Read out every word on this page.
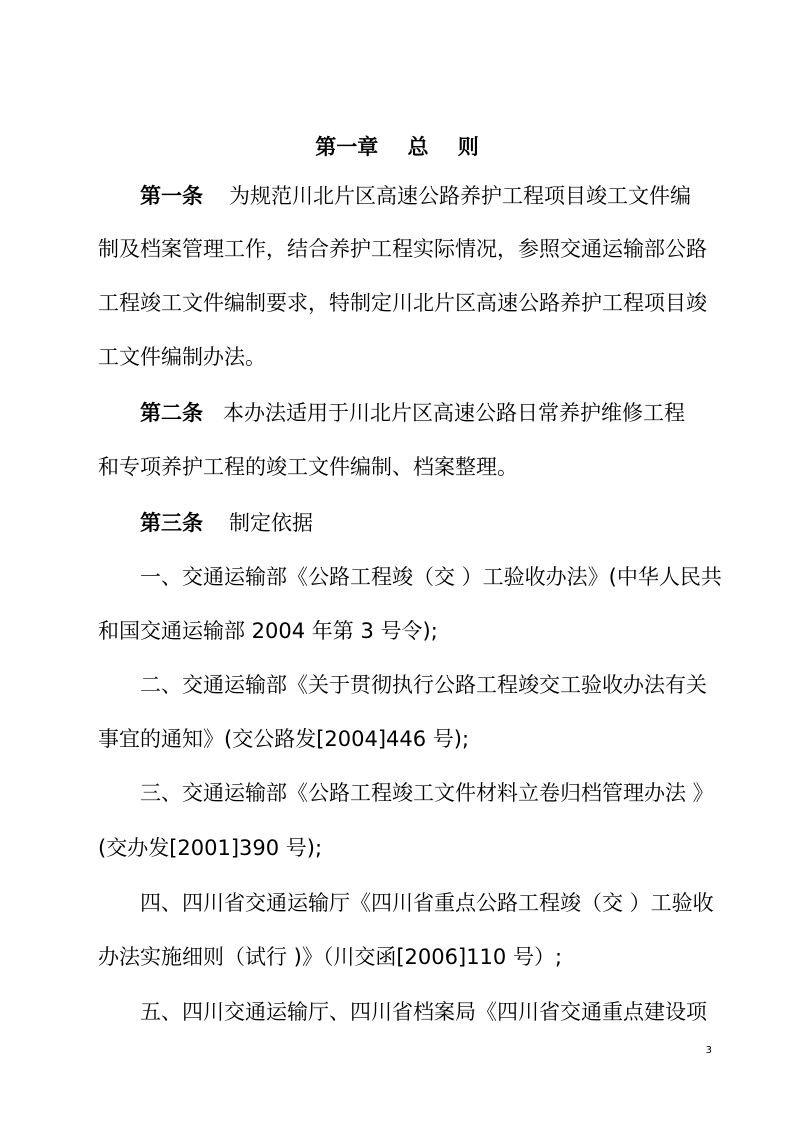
第一章    总    则
第一条 为规范川北片区高速公路养护工程项目竣工文件编
制及档案管理工作，结合养护工程实际情况，参照交通运输部公路
工程竣工文件编制要求，特制定川北片区高速公路养护工程项目竣
工文件编制办法。
第二条 本办法适用于川北片区高速公路日常养护维修工程
和专项养护工程的竣工文件编制、档案整理。
第三条 制定依据
一、交通运输部《公路工程竣（交 ）工验收办法》(中华人民共
和国交通运输部 2004 年第 3 号令);
二、交通运输部《关于贯彻执行公路工程竣交工验收办法有关
事宜的通知》(交公路发[2004]446 号);
三、交通运输部《公路工程竣工文件材料立卷归档管理办法 》
(交办发[2001]390 号);
四、四川省交通运输厅《四川省重点公路工程竣（交 ）工验收
办法实施细则（试行 )》（川交函[2006]110 号）;
五、四川交通运输厅、四川省档案局《四川省交通重点建设项
3
